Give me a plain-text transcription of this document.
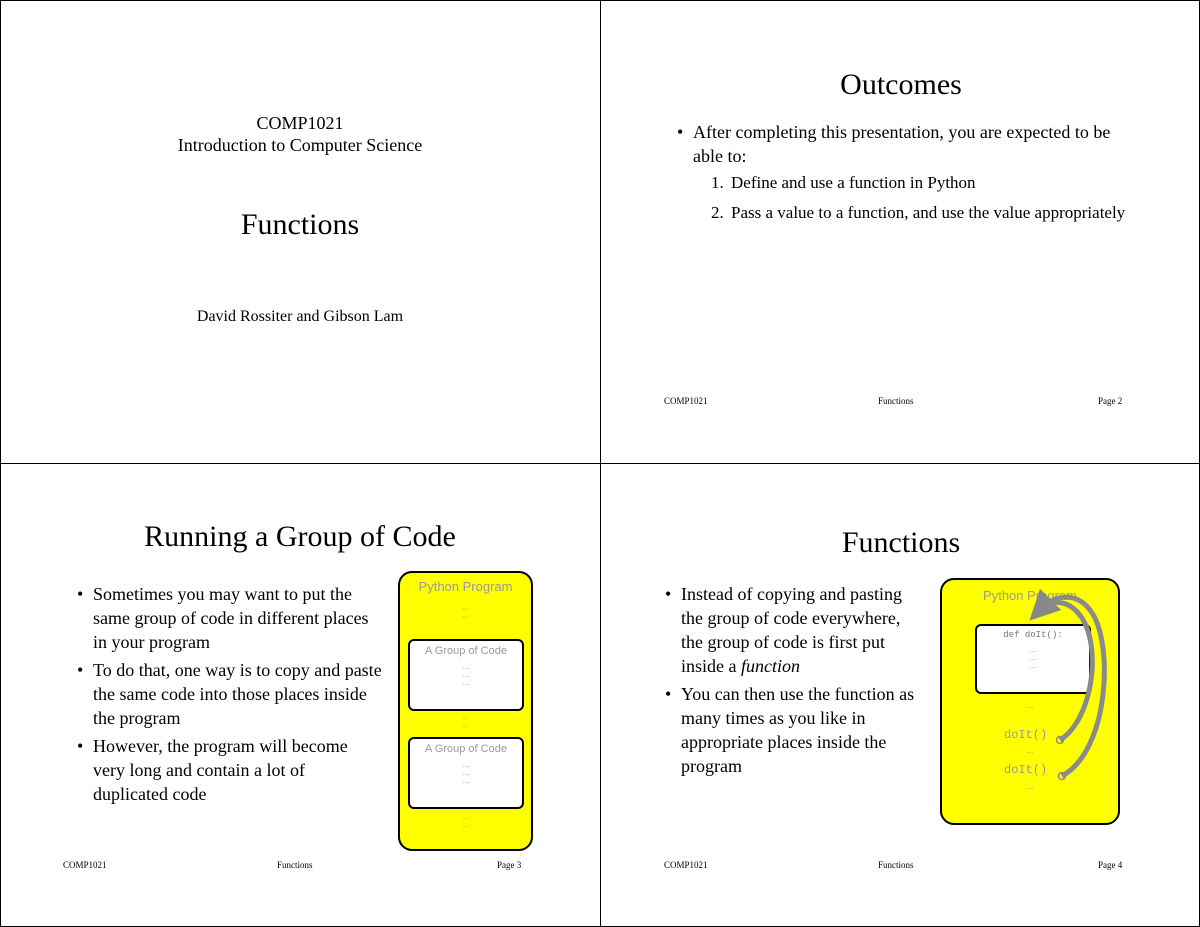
COMP1021
Introduction to Computer Science
Functions
David Rossiter and Gibson Lam
Outcomes
• After completing this presentation, you are expected to be able to:
1. Define and use a function in Python
2. Pass a value to a function, and use the value appropriately
COMP1021	Functions	Page 2
Running a Group of Code
• Sometimes you may want to put the same group of code in different places in your program
• To do that, one way is to copy and paste the same code into those places inside the program
• However, the program will become very long and contain a lot of duplicated code
Python Program
...
...
A Group of Code
...
...
...
...
...
A Group of Code
...
...
...
...
...
COMP1021	Functions	Page 3
Functions
• Instead of copying and pasting the group of code everywhere, the group of code is first put inside a function
• You can then use the function as many times as you like in appropriate places inside the program
Python Program
def doIt():
...
...
...
...
doIt()
...
doIt()
...
COMP1021	Functions	Page 4
